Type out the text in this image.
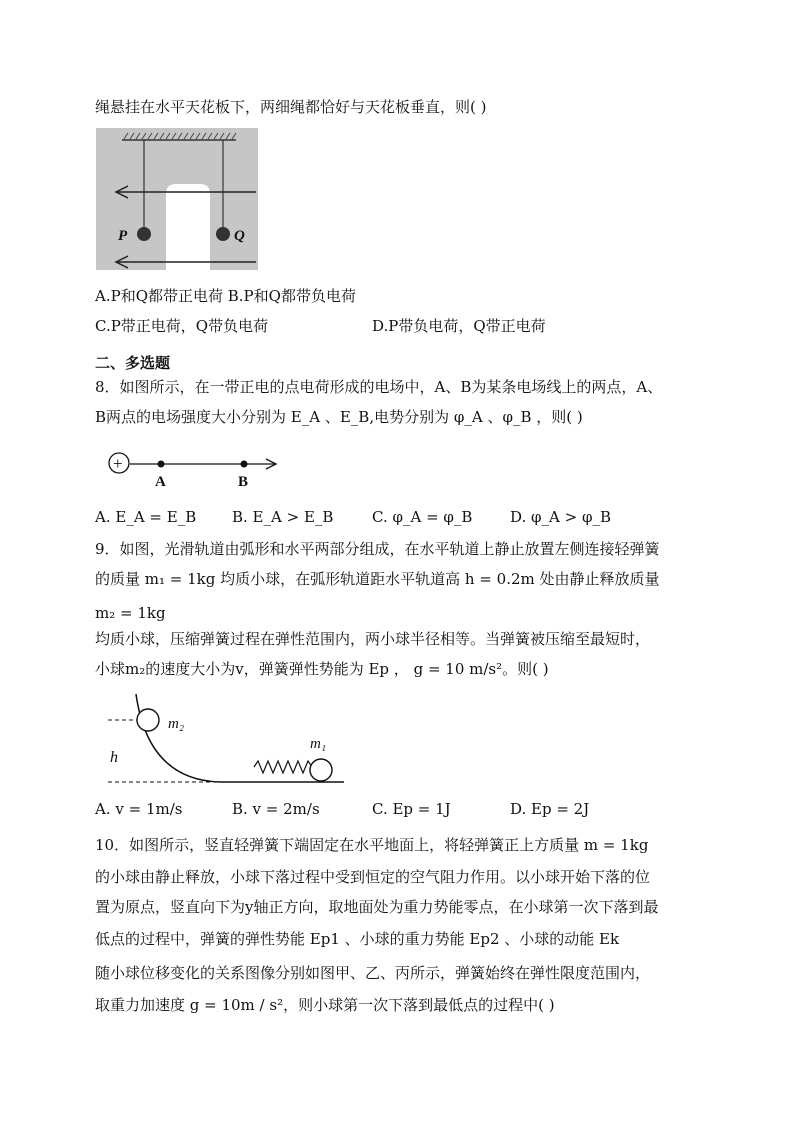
绳悬挂在水平天花板下，两细绳都恰好与天花板垂直，则( )
P	Q
A.P和Q都带正电荷 B.P和Q都带负电荷
C.P带正电荷，Q带负电荷	D.P带负电荷，Q带正电荷
二、多选题
8．如图所示，在一带正电的点电荷形成的电场中，A、B为某条电场线上的两点，A、
B两点的电场强度大小分别为 E_A 、E_B,电势分别为 φ_A 、φ_B ，则( )
+
A	B
A. E_A = E_B B. E_A > E_B	C. φ_A = φ_B	D. φ_A > φ_B
9．如图，光滑轨道由弧形和水平两部分组成，在水平轨道上静止放置左侧连接轻弹簧
的质量 m₁ = 1kg 均质小球，在弧形轨道距水平轨道高 h = 0.2m 处由静止释放质量
m₂ = 1kg
均质小球，压缩弹簧过程在弹性范围内，两小球半径相等。当弹簧被压缩至最短时，
小球m₂的速度大小为v，弹簧弹性势能为 Ep ， g = 10 m/s²。则( )
h
m₂
m₁
A. v = 1m/s	B. v = 2m/s	C. Ep = 1J	D. Ep = 2J
10．如图所示，竖直轻弹簧下端固定在水平地面上，将轻弹簧正上方质量 m = 1kg
的小球由静止释放，小球下落过程中受到恒定的空气阻力作用。以小球开始下落的位
置为原点，竖直向下为y轴正方向，取地面处为重力势能零点，在小球第一次下落到最
低点的过程中，弹簧的弹性势能 Ep1 、小球的重力势能 Ep2 、小球的动能 Ek
随小球位移变化的关系图像分别如图甲、乙、丙所示，弹簧始终在弹性限度范围内，
取重力加速度 g = 10m / s²，则小球第一次下落到最低点的过程中( )
